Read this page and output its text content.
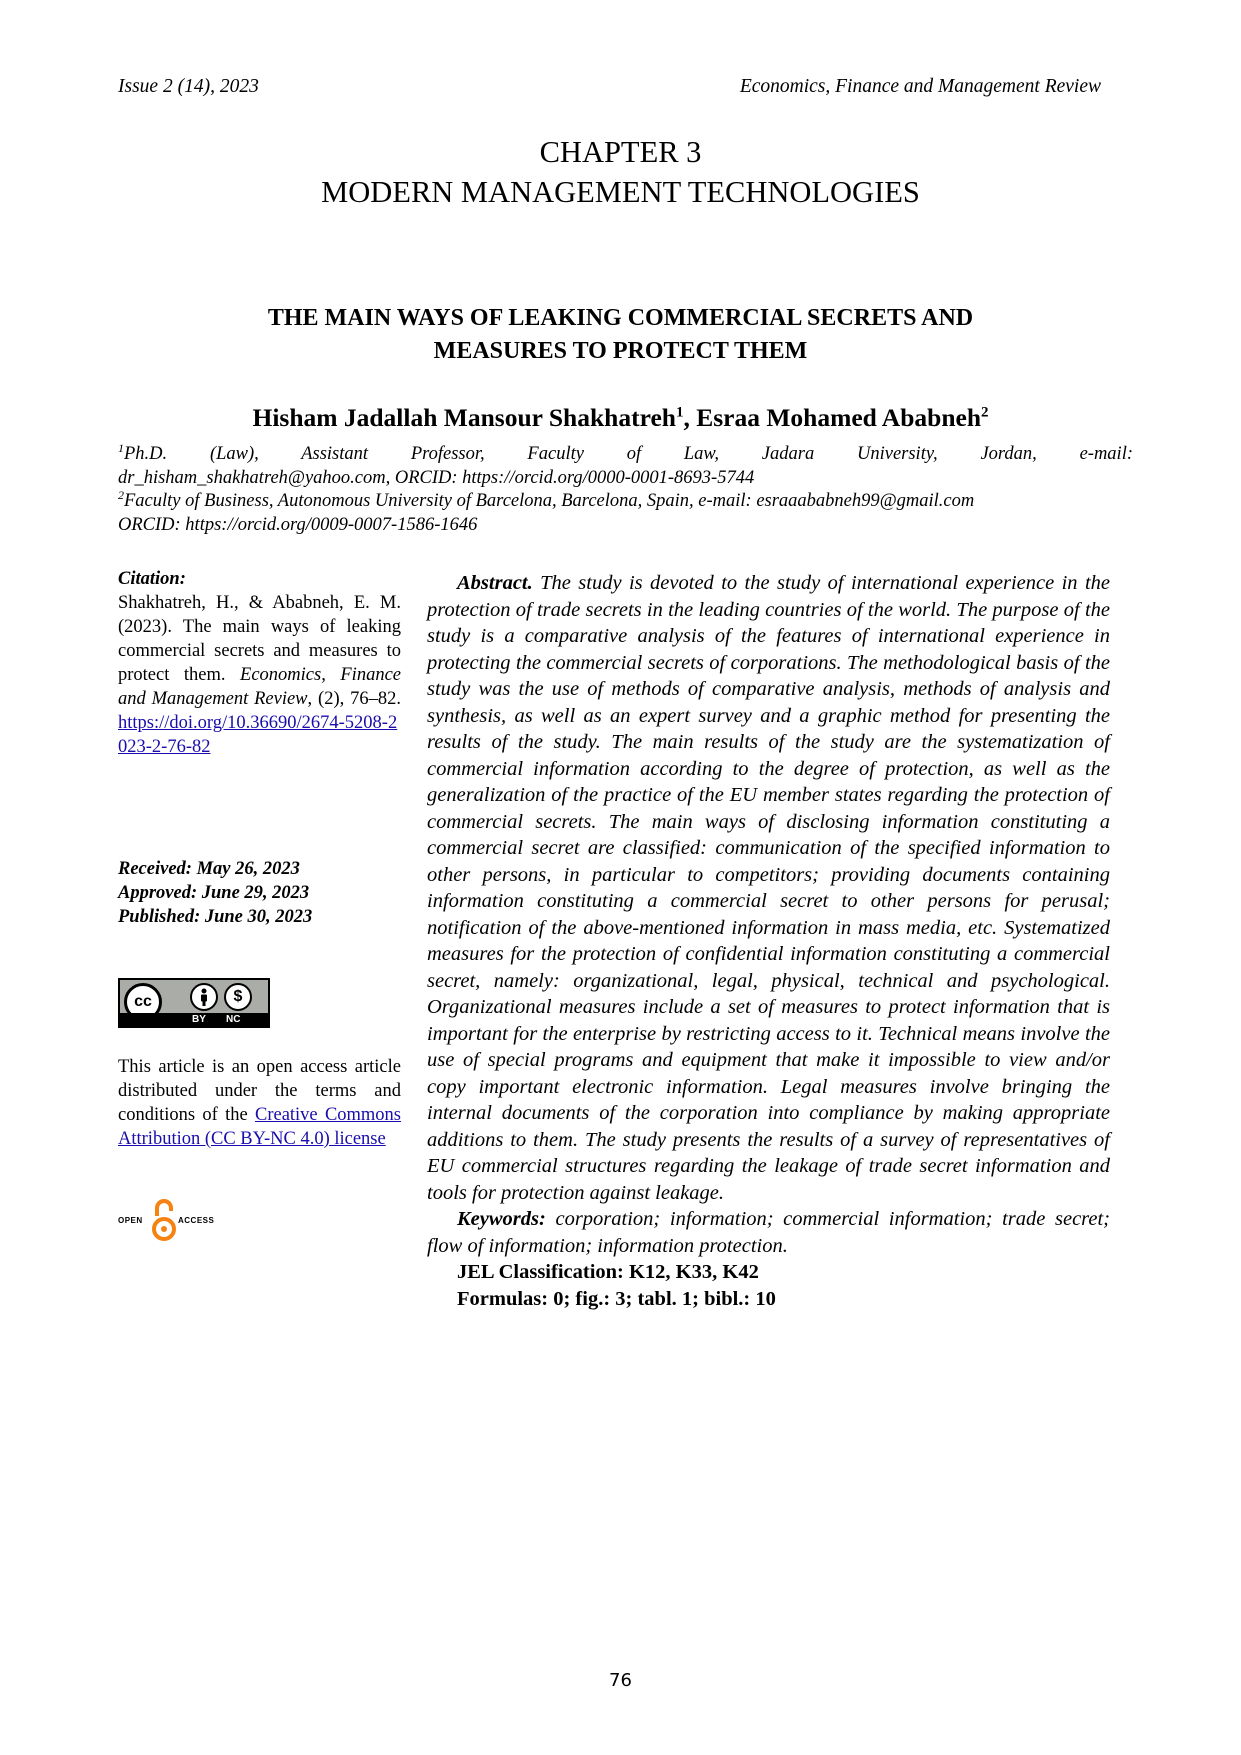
Issue 2 (14), 2023	Economics, Finance and Management Review
CHAPTER 3
MODERN MANAGEMENT TECHNOLOGIES
THE MAIN WAYS OF LEAKING COMMERCIAL SECRETS AND
MEASURES TO PROTECT THEM
Hisham Jadallah Mansour Shakhatreh$^1$, Esraa Mohamed Ababneh$^2$
$^1$Ph.D. (Law), Assistant Professor, Faculty of Law, Jadara University, Jordan, e-mail:
dr_hisham_shakhatreh@yahoo.com, ORCID: https://orcid.org/0000-0001-8693-5744
$^2$Faculty of Business, Autonomous University of Barcelona, Barcelona, Spain, e-mail: esraaababneh99@gmail.com
ORCID: https://orcid.org/0009-0007-1586-1646

Citation:

Shakhatreh, H., & Ababneh, E. M. (2023). The main ways of leaking commercial secrets and measures to protect them. Economics, Finance and Management Review, (2), 76–82. https://doi.org/10.36690/2674-5208-2023-2-76-82

Received: May 26, 2023
Approved: June 29, 2023
Published: June 30, 2023
cc	$
BY NC
This article is an open access article distributed under the terms and conditions of the Creative Commons Attribution (CC BY-NC 4.0) license
OPEN	ACCESS

Abstract. The study is devoted to the study of international experience in the protection of trade secrets in the leading countries of the world. The purpose of the study is a comparative analysis of the features of international experience in protecting the commercial secrets of corporations. The methodological basis of the study was the use of methods of comparative analysis, methods of analysis and synthesis, as well as an expert survey and a graphic method for presenting the results of the study. The main results of the study are the systematization of commercial information according to the degree of protection, as well as the generalization of the practice of the EU member states regarding the protection of commercial secrets. The main ways of disclosing information constituting a commercial secret are classified: communication of the specified information to other persons, in particular to competitors; providing documents containing information constituting a commercial secret to other persons for perusal; notification of the above-mentioned information in mass media, etc. Systematized measures for the protection of confidential information constituting a commercial secret, namely: organizational, legal, physical, technical and psychological. Organizational measures include a set of measures to protect information that is important for the enterprise by restricting access to it. Technical means involve the use of special programs and equipment that make it impossible to view and/or copy important electronic information. Legal measures involve bringing the internal documents of the corporation into compliance by making appropriate additions to them. The study presents the results of a survey of representatives of EU commercial structures regarding the leakage of trade secret information and tools for protection against leakage.

Keywords: corporation; information; commercial information; trade secret; flow of information; information protection.

JEL Classification: K12, K33, K42

Formulas: 0; fig.: 3; tabl. 1; bibl.: 10

76
